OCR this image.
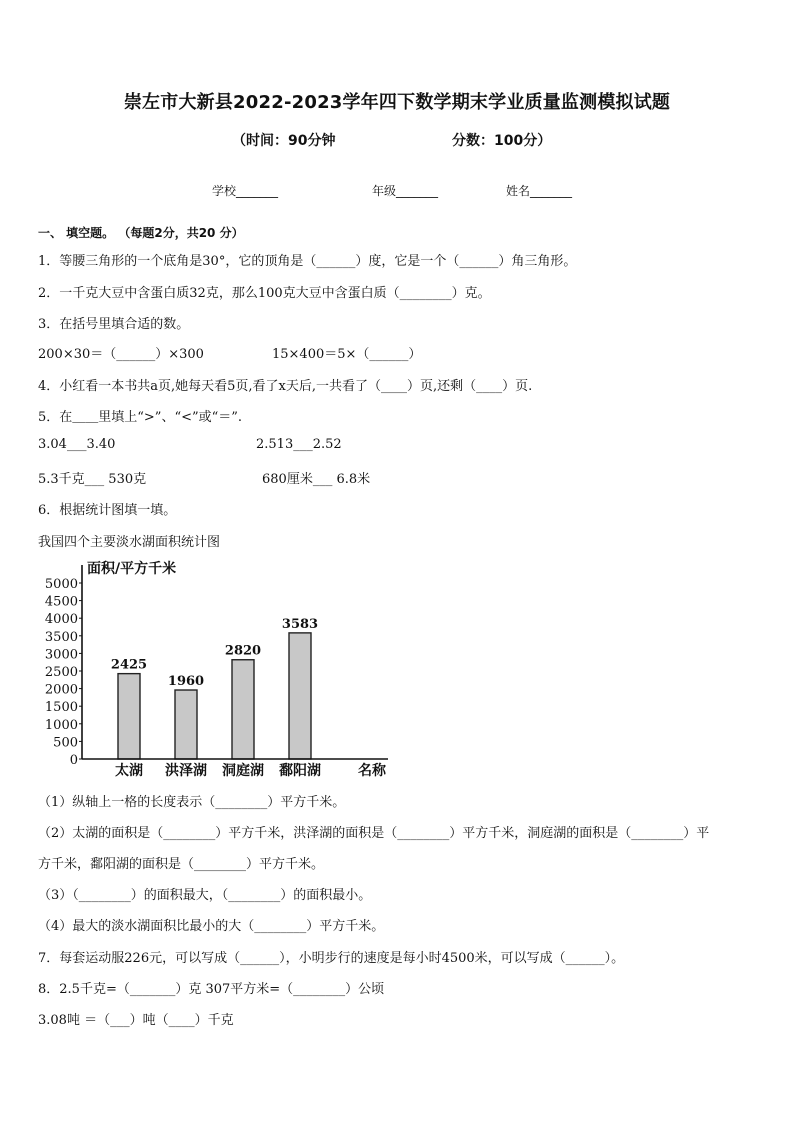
崇左市大新县2022-2023学年四下数学期末学业质量监测模拟试题
（时间：90分钟	分数：100分）
学校_______	年级_______	姓名_______
一、 填空题。 （每题2分，共20 分）
1．等腰三角形的一个底角是30°，它的顶角是（______）度，它是一个（______）角三角形。
2．一千克大豆中含蛋白质32克，那么100克大豆中含蛋白质（________）克。
3．在括号里填合适的数。
200×30＝（______）×300	15×400＝5×（______）
4．小红看一本书共a页,她每天看5页,看了x天后,一共看了（____）页,还剩（____）页.
5．在＿＿里填上“>”、“<”或“＝”.
3.04___3.40	2.513___2.52
5.3千克___ 530克	680厘米___ 6.8米
6．根据统计图填一填。
我国四个主要淡水湖面积统计图
面积/平方千米
名称
0
500
1000
1500
2000
2500
3000
3500
4000
4500
5000
2425
太湖
1960
洪泽湖
2820
洞庭湖
3583
鄱阳湖
（1）纵轴上一格的长度表示（________）平方千米。
（2）太湖的面积是（________）平方千米，洪泽湖的面积是（________）平方千米，洞庭湖的面积是（________）平
方千米，鄱阳湖的面积是（________）平方千米。
（3）（________）的面积最大，（________）的面积最小。
（4）最大的淡水湖面积比最小的大（________）平方千米。
7．每套运动服226元，可以写成（______），小明步行的速度是每小时4500米，可以写成（______）。
8．2.5千克=（_______）克 307平方米=（________）公顷
3.08吨 ＝（___）吨（____）千克
